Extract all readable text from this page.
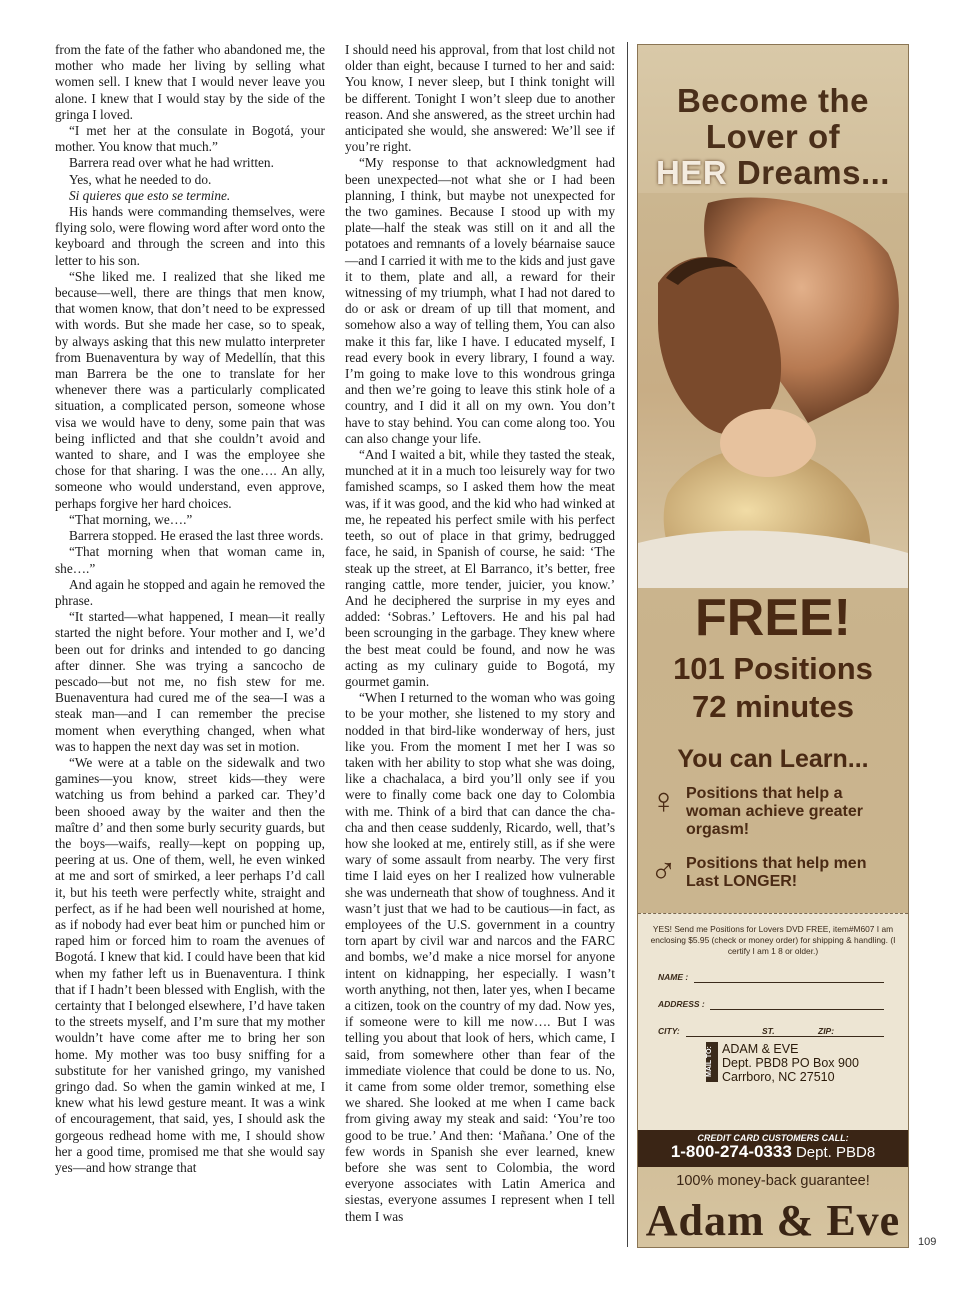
from the fate of the father who abandoned me, the mother who made her living by selling what women sell. I knew that I would never leave you alone. I knew that I would stay by the side of the gringa I loved.

“I met her at the consulate in Bogotá, your mother. You know that much.”

Barrera read over what he had written.

Yes, what he needed to do.

Si quieres que esto se termine.

His hands were commanding themselves, were flying solo, were flowing word after word onto the keyboard and through the screen and into this letter to his son.

“She liked me. I realized that she liked me because—well, there are things that men know, that women know, that don’t need to be expressed with words. But she made her case, so to speak, by always asking that this new mulatto interpreter from Buenaventura by way of Medellín, that this man Barrera be the one to translate for her whenever there was a particularly complicated situation, a complicated person, someone whose visa we would have to deny, some pain that was being inflicted and that she couldn’t avoid and wanted to share, and I was the employee she chose for that sharing. I was the one…. An ally, someone who would understand, even approve, perhaps forgive her hard choices.

“That morning, we….”

Barrera stopped. He erased the last three words.

“That morning when that woman came in, she….”

And again he stopped and again he removed the phrase.

“It started—what happened, I mean—it really started the night before. Your mother and I, we’d been out for drinks and intended to go dancing after dinner. She was trying a sancocho de pescado—but not me, no fish stew for me. Buenaventura had cured me of the sea—I was a steak man—and I can remember the precise moment when everything changed, when what was to happen the next day was set in motion.

“We were at a table on the sidewalk and two gamines—you know, street kids—they were watching us from behind a parked car. They’d been shooed away by the waiter and then the maître d’ and then some burly security guards, but the boys—waifs, really—kept on popping up, peering at us. One of them, well, he even winked at me and sort of smirked, a leer perhaps I’d call it, but his teeth were perfectly white, straight and perfect, as if he had been well nourished at home, as if nobody had ever beat him or punched him or raped him or forced him to roam the avenues of Bogotá. I knew that kid. I could have been that kid when my father left us in Buenaventura. I think that if I hadn’t been blessed with English, with the certainty that I belonged elsewhere, I’d have taken to the streets myself, and I’m sure that my mother wouldn’t have come after me to bring her son home. My mother was too busy sniffing for a substitute for her vanished gringo, my vanished gringo dad. So when the gamin winked at me, I knew what his lewd gesture meant. It was a wink of encouragement, that said, yes, I should ask the gorgeous redhead home with me, I should show her a good time, promised me that she would say yes—and how strange that

I should need his approval, from that lost child not older than eight, because I turned to her and said: You know, I never sleep, but I think tonight will be different. Tonight I won’t sleep due to another reason. And she answered, as the street urchin had anticipated she would, she answered: We’ll see if you’re right.

“My response to that acknowledgment had been unexpected—not what she or I had been planning, I think, but maybe not unexpected for the two gamines. Because I stood up with my plate—half the steak was still on it and all the potatoes and remnants of a lovely béarnaise sauce—and I carried it with me to the kids and just gave it to them, plate and all, a reward for their witnessing of my triumph, what I had not dared to do or ask or dream of up till that moment, and somehow also a way of telling them, You can also make it this far, like I have. I educated myself, I read every book in every library, I found a way. I’m going to make love to this wondrous gringa and then we’re going to leave this stink hole of a country, and I did it all on my own. You don’t have to stay behind. You can come along too. You can also change your life.

“And I waited a bit, while they tasted the steak, munched at it in a much too leisurely way for two famished scamps, so I asked them how the meat was, if it was good, and the kid who had winked at me, he repeated his perfect smile with his perfect teeth, so out of place in that grimy, bedrugged face, he said, in Spanish of course, he said: ‘The steak up the street, at El Barranco, it’s better, free ranging cattle, more tender, juicier, you know.’ And he deciphered the surprise in my eyes and added: ‘Sobras.’ Leftovers. He and his pal had been scrounging in the garbage. They knew where the best meat could be found, and now he was acting as my culinary guide to Bogotá, my gourmet gamin.

“When I returned to the woman who was going to be your mother, she listened to my story and nodded in that bird-like wonderway of hers, just like you. From the moment I met her I was so taken with her ability to stop what she was doing, like a chachalaca, a bird you’ll only see if you were to finally come back one day to Colombia with me. Think of a bird that can dance the cha-cha and then cease suddenly, Ricardo, well, that’s how she looked at me, entirely still, as if she were wary of some assault from nearby. The very first time I laid eyes on her I realized how vulnerable she was underneath that show of toughness. And it wasn’t just that we had to be cautious—in fact, as employees of the U.S. government in a country torn apart by civil war and narcos and the FARC and bombs, we’d make a nice morsel for anyone intent on kidnapping, her especially. I wasn’t worth anything, not then, later yes, when I became a citizen, took on the country of my dad. Now yes, if someone were to kill me now…. But I was telling you about that look of hers, which came, I said, from somewhere other than fear of the immediate violence that could be done to us. No, it came from some older tremor, something else we shared. She looked at me when I came back from giving away my steak and said: ‘You’re too good to be true.’ And then: ‘Mañana.’ One of the few words in Spanish she ever learned, knew before she was sent to Colombia, the word everyone associates with Latin America and siestas, everyone assumes I represent when I tell them I was

Become the
Lover of
HER Dreams...
FREE!
101 Positions
72 minutes
You can Learn...
♀ Positions that help a woman achieve greater orgasm!
♂ Positions that help men Last LONGER!
YES! Send me Positions for Lovers DVD FREE, item#M607 I am enclosing $5.95 (check or money order) for shipping & handling. (I certify I am 1 8 or older.)
NAME :
ADDRESS :
CITY:	ST.	ZIP:
MAIL TO: ADAM & EVE
Dept. PBD8 PO Box 900
Carrboro, NC 27510
CREDIT CARD CUSTOMERS CALL:
1-800-274-0333 Dept. PBD8
100% money-back guarantee!
Adam & Eve	109
